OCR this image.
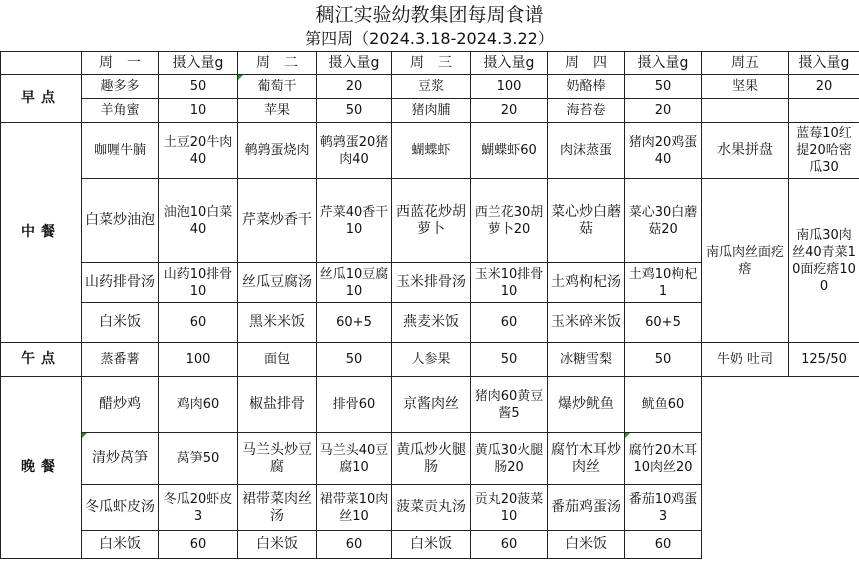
稠江实验幼教集团每周食谱
第四周（2024.3.18-2024.3.22）
	周　一	摄入量g	周　二	摄入量g	周　三	摄入量g	周　四	摄入量g	周五	摄入量g
早点	趣多多	50	葡萄干	20	豆浆	100	奶酪棒	50	坚果	20
	羊角蜜	10	苹果	50	猪肉脯	20	海苔卷	20		
中餐	咖喱牛腩	土豆20牛肉40	鹌鹑蛋烧肉	鹌鹑蛋20猪肉40	蝴蝶虾	蝴蝶虾60	肉沫蒸蛋	猪肉20鸡蛋40	水果拼盘	蓝莓10红提20哈密瓜30
	白菜炒油泡	油泡10白菜40	芹菜炒香干	芹菜40香干10	西蓝花炒胡萝卜	西兰花30胡萝卜20	菜心炒白蘑菇	菜心30白蘑菇20	南瓜肉丝面疙瘩	南瓜30肉丝40青菜10面疙瘩100
	山药排骨汤	山药10排骨10	丝瓜豆腐汤	丝瓜10豆腐10	玉米排骨汤	玉米10排骨10	土鸡枸杞汤	土鸡10枸杞1		
	白米饭	60	黑米米饭	60+5	燕麦米饭	60	玉米碎米饭	60+5		
午点	蒸番薯	100	面包	50	人参果	50	冰糖雪梨	50	牛奶 吐司	125/50
晚餐	醋炒鸡	鸡肉60	椒盐排骨	排骨60	京酱肉丝	猪肉60黄豆酱5	爆炒鱿鱼	鱿鱼60		
	清炒莴笋	莴笋50	马兰头炒豆腐	马兰头40豆腐10	黄瓜炒火腿肠	黄瓜30火腿肠20	腐竹木耳炒肉丝	腐竹20木耳10肉丝20		
	冬瓜虾皮汤	冬瓜20虾皮3	裙带菜肉丝汤	裙带菜10肉丝10	菠菜贡丸汤	贡丸20菠菜10	番茄鸡蛋汤	番茄10鸡蛋3		
	白米饭	60	白米饭	60	白米饭	60	白米饭	60		
